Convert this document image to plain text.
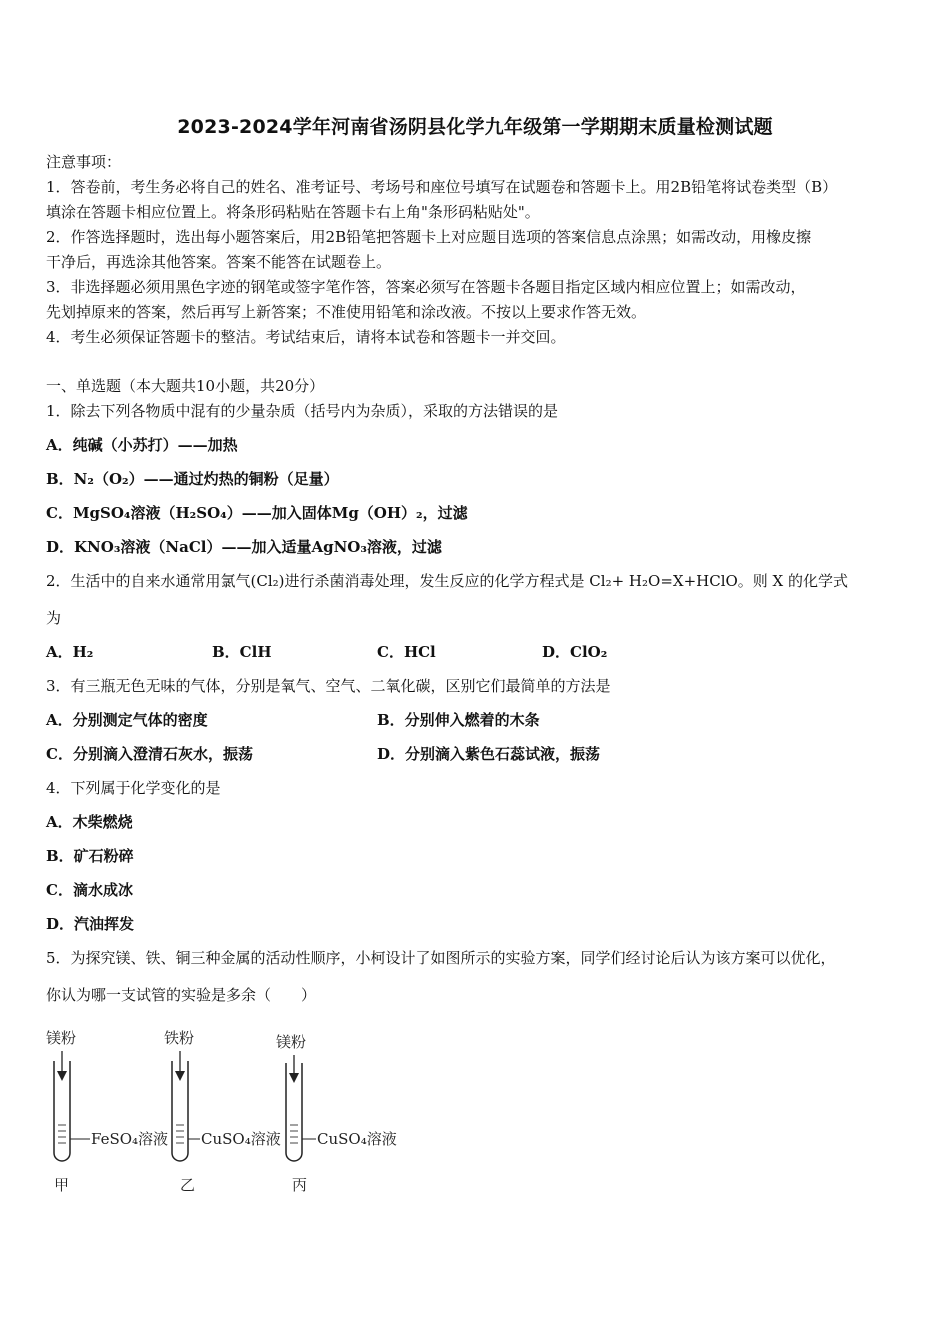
2023-2024学年河南省汤阴县化学九年级第一学期期末质量检测试题
注意事项：
1．答卷前，考生务必将自己的姓名、准考证号、考场号和座位号填写在试题卷和答题卡上。用2B铅笔将试卷类型（B）
填涂在答题卡相应位置上。将条形码粘贴在答题卡右上角"条形码粘贴处"。
2．作答选择题时，选出每小题答案后，用2B铅笔把答题卡上对应题目选项的答案信息点涂黑；如需改动，用橡皮擦
干净后，再选涂其他答案。答案不能答在试题卷上。
3．非选择题必须用黑色字迹的钢笔或签字笔作答，答案必须写在答题卡各题目指定区域内相应位置上；如需改动，
先划掉原来的答案，然后再写上新答案；不准使用铅笔和涂改液。不按以上要求作答无效。
4．考生必须保证答题卡的整洁。考试结束后，请将本试卷和答题卡一并交回。
一、单选题（本大题共10小题，共20分）
1．除去下列各物质中混有的少量杂质（括号内为杂质），采取的方法错误的是
A．纯碱（小苏打）——加热
B．N₂（O₂）——通过灼热的铜粉（足量）
C．MgSO₄溶液（H₂SO₄）——加入固体Mg（OH）₂，过滤
D．KNO₃溶液（NaCl）——加入适量AgNO₃溶液，过滤
2．生活中的自来水通常用氯气(Cl₂)进行杀菌消毒处理，发生反应的化学方程式是 Cl₂+ H₂O=X+HClO。则 X 的化学式
为
A．H₂	B．ClH	C．HCl	D．ClO₂
3．有三瓶无色无味的气体，分别是氧气、空气、二氧化碳，区别它们最简单的方法是
A．分别测定气体的密度	B．分别伸入燃着的木条
C．分别滴入澄清石灰水，振荡	D．分别滴入紫色石蕊试液，振荡
4．下列属于化学变化的是
A．木柴燃烧
B．矿石粉碎
C．滴水成冰
D．汽油挥发
5．为探究镁、铁、铜三种金属的活动性顺序，小柯设计了如图所示的实验方案，同学们经讨论后认为该方案可以优化，
你认为哪一支试管的实验是多余（　　）
镁粉
FeSO₄溶液
甲
铁粉
CuSO₄溶液
乙
镁粉
CuSO₄溶液
丙
